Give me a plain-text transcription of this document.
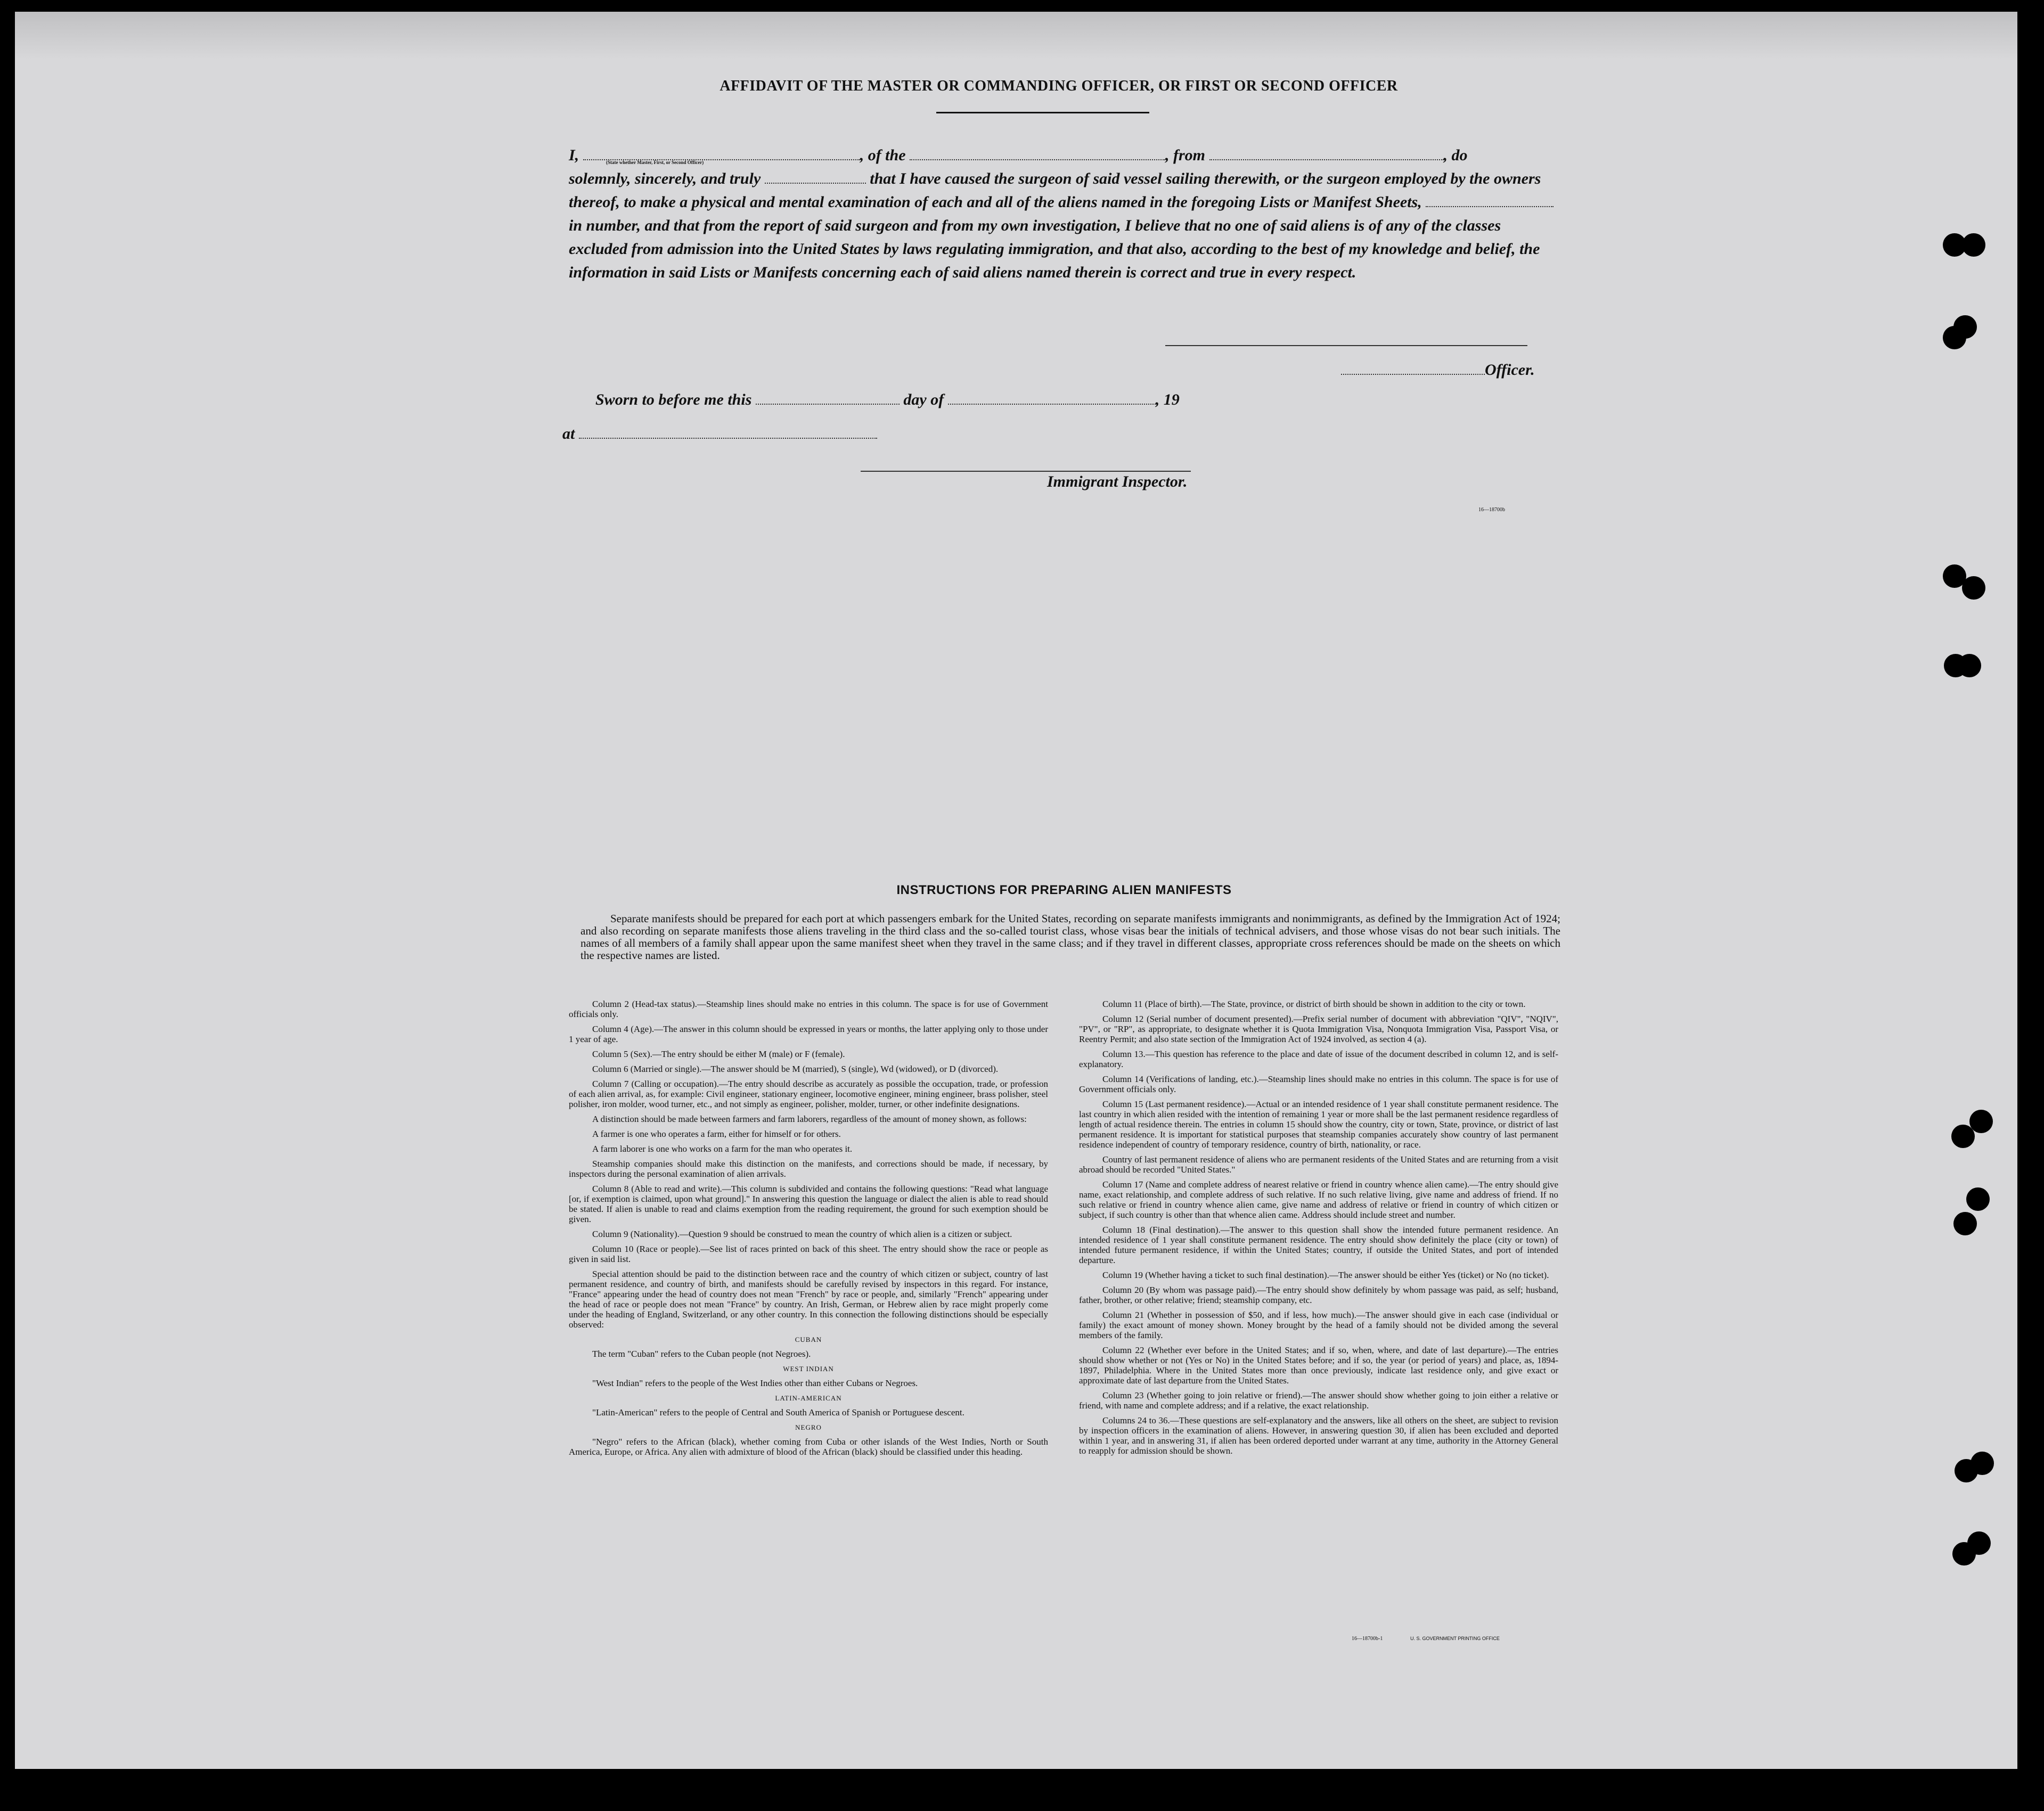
AFFIDAVIT OF THE MASTER OR COMMANDING OFFICER, OR FIRST OR SECOND OFFICER
I,	, of the	, from	, do
solemnly, sincerely, and truly	that I have caused the surgeon of said vessel sailing therewith, or the surgeon employed by the owners thereof, to make a physical and mental examination of each and all of the aliens named in the foregoing Lists or Manifest Sheets,  in number, and that from the report of said surgeon and from my own investigation, I believe that no one of said aliens is of any of the classes excluded from admission into the United States by laws regulating immigration, and that also, according to the best of my knowledge and belief, the information in said Lists or Manifests concerning each of said aliens named therein is correct and true in every respect.
(State whether Master, First, or Second Officer)
Officer.
Sworn to before me this	day of	, 19
at
Immigrant Inspector.
16—18700b
INSTRUCTIONS FOR PREPARING ALIEN MANIFESTS
Separate manifests should be prepared for each port at which passengers embark for the United States, recording on separate manifests immigrants and nonimmigrants, as defined by the Immigration Act of 1924; and also recording on separate manifests those aliens traveling in the third class and the so-called tourist class, whose visas bear the initials of technical advisers, and those whose visas do not bear such initials. The names of all members of a family shall appear upon the same manifest sheet when they travel in the same class; and if they travel in different classes, appropriate cross references should be made on the sheets on which the respective names are listed.

Column 2 (Head-tax status).—Steamship lines should make no entries in this column. The space is for use of Government officials only.

Column 4 (Age).—The answer in this column should be expressed in years or months, the latter applying only to those under 1 year of age.

Column 5 (Sex).—The entry should be either M (male) or F (female).

Column 6 (Married or single).—The answer should be M (married), S (single), Wd (widowed), or D (divorced).

Column 7 (Calling or occupation).—The entry should describe as accurately as possible the occupation, trade, or profession of each alien arrival, as, for example: Civil engineer, stationary engineer, locomotive engineer, mining engineer, brass polisher, steel polisher, iron molder, wood turner, etc., and not simply as engineer, polisher, molder, turner, or other indefinite designations.

A distinction should be made between farmers and farm laborers, regardless of the amount of money shown, as follows:

A farmer is one who operates a farm, either for himself or for others.

A farm laborer is one who works on a farm for the man who operates it.

Steamship companies should make this distinction on the manifests, and corrections should be made, if necessary, by inspectors during the personal examination of alien arrivals.

Column 8 (Able to read and write).—This column is subdivided and contains the following questions: "Read what language [or, if exemption is claimed, upon what ground]." In answering this question the language or dialect the alien is able to read should be stated. If alien is unable to read and claims exemption from the reading requirement, the ground for such exemption should be given.

Column 9 (Nationality).—Question 9 should be construed to mean the country of which alien is a citizen or subject.

Column 10 (Race or people).—See list of races printed on back of this sheet. The entry should show the race or people as given in said list.

Special attention should be paid to the distinction between race and the country of which citizen or subject, country of last permanent residence, and country of birth, and manifests should be carefully revised by inspectors in this regard. For instance, "France" appearing under the head of country does not mean "French" by race or people, and, similarly "French" appearing under the head of race or people does not mean "France" by country. An Irish, German, or Hebrew alien by race might properly come under the heading of England, Switzerland, or any other country. In this connection the following distinctions should be especially observed:

CUBAN

The term "Cuban" refers to the Cuban people (not Negroes).

WEST INDIAN

"West Indian" refers to the people of the West Indies other than either Cubans or Negroes.

LATIN-AMERICAN

"Latin-American" refers to the people of Central and South America of Spanish or Portuguese descent.

NEGRO

"Negro" refers to the African (black), whether coming from Cuba or other islands of the West Indies, North or South America, Europe, or Africa. Any alien with admixture of blood of the African (black) should be classified under this heading.

Column 11 (Place of birth).—The State, province, or district of birth should be shown in addition to the city or town.

Column 12 (Serial number of document presented).—Prefix serial number of document with abbreviation "QIV", "NQIV", "PV", or "RP", as appropriate, to designate whether it is Quota Immigration Visa, Nonquota Immigration Visa, Passport Visa, or Reentry Permit; and also state section of the Immigration Act of 1924 involved, as section 4 (a).

Column 13.—This question has reference to the place and date of issue of the document described in column 12, and is self-explanatory.

Column 14 (Verifications of landing, etc.).—Steamship lines should make no entries in this column. The space is for use of Government officials only.

Column 15 (Last permanent residence).—Actual or an intended residence of 1 year shall constitute permanent residence. The last country in which alien resided with the intention of remaining 1 year or more shall be the last permanent residence regardless of length of actual residence therein. The entries in column 15 should show the country, city or town, State, province, or district of last permanent residence. It is important for statistical purposes that steamship companies accurately show country of last permanent residence independent of country of temporary residence, country of birth, nationality, or race.

Country of last permanent residence of aliens who are permanent residents of the United States and are returning from a visit abroad should be recorded "United States."

Column 17 (Name and complete address of nearest relative or friend in country whence alien came).—The entry should give name, exact relationship, and complete address of such relative. If no such relative living, give name and address of friend. If no such relative or friend in country whence alien came, give name and address of relative or friend in country of which citizen or subject, if such country is other than that whence alien came. Address should include street and number.

Column 18 (Final destination).—The answer to this question shall show the intended future permanent residence. An intended residence of 1 year shall constitute permanent residence. The entry should show definitely the place (city or town) of intended future permanent residence, if within the United States; country, if outside the United States, and port of intended departure.

Column 19 (Whether having a ticket to such final destination).—The answer should be either Yes (ticket) or No (no ticket).

Column 20 (By whom was passage paid).—The entry should show definitely by whom passage was paid, as self; husband, father, brother, or other relative; friend; steamship company, etc.

Column 21 (Whether in possession of $50, and if less, how much).—The answer should give in each case (individual or family) the exact amount of money shown. Money brought by the head of a family should not be divided among the several members of the family.

Column 22 (Whether ever before in the United States; and if so, when, where, and date of last departure).—The entries should show whether or not (Yes or No) in the United States before; and if so, the year (or period of years) and place, as, 1894-1897, Philadelphia. Where in the United States more than once previously, indicate last residence only, and give exact or approximate date of last departure from the United States.

Column 23 (Whether going to join relative or friend).—The answer should show whether going to join either a relative or friend, with name and complete address; and if a relative, the exact relationship.

Columns 24 to 36.—These questions are self-explanatory and the answers, like all others on the sheet, are subject to revision by inspection officers in the examination of aliens. However, in answering question 30, if alien has been excluded and deported within 1 year, and in answering 31, if alien has been ordered deported under warrant at any time, authority in the Attorney General to reapply for admission should be shown.

16—18700b-1	U. S. GOVERNMENT PRINTING OFFICE
